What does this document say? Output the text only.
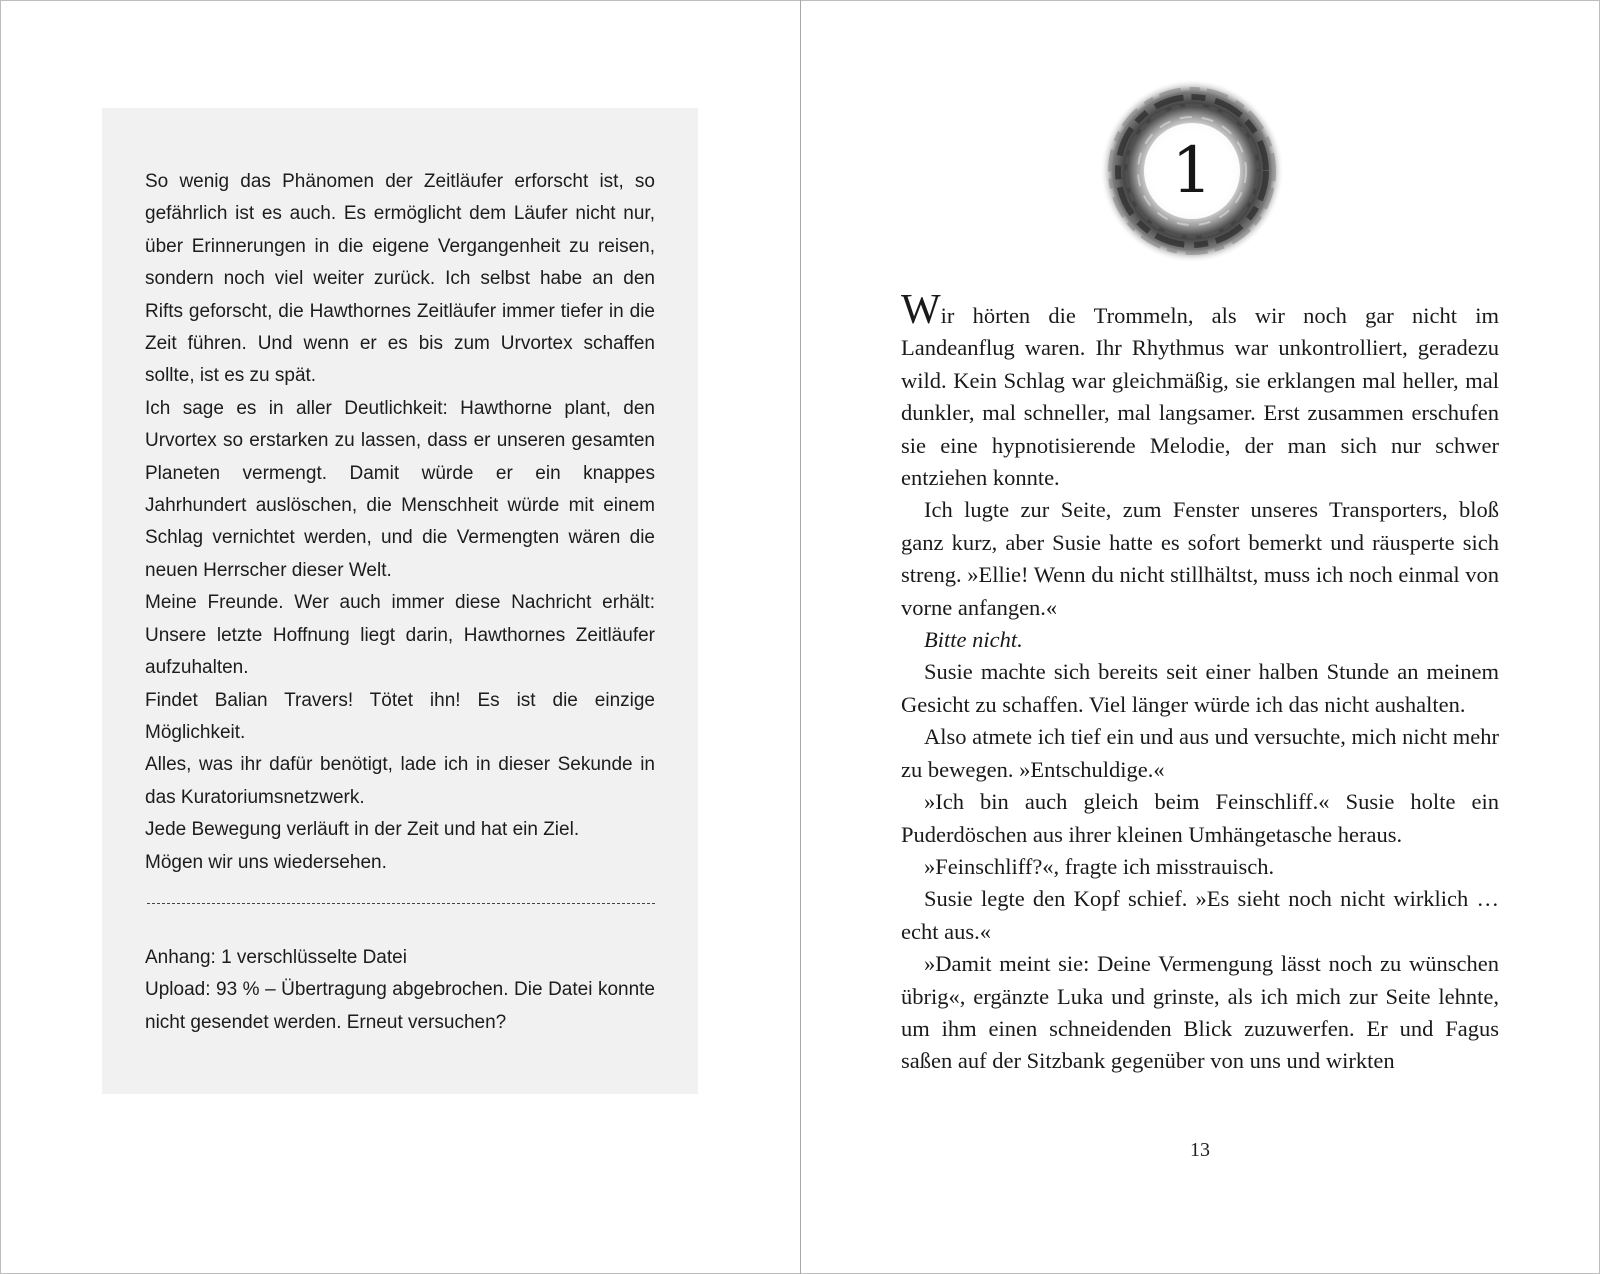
So wenig das Phänomen der Zeitläufer erforscht ist, so gefährlich ist es auch. Es ermöglicht dem Läufer nicht nur, über Erinnerungen in die eigene Vergangenheit zu reisen, sondern noch viel weiter zurück. Ich selbst habe an den Rifts geforscht, die Hawthornes Zeitläufer immer tiefer in die Zeit führen. Und wenn er es bis zum Urvortex schaffen sollte, ist es zu spät.

Ich sage es in aller Deutlichkeit: Hawthorne plant, den Urvortex so erstarken zu lassen, dass er unseren gesamten Planeten vermengt. Damit würde er ein knappes Jahrhundert auslöschen, die Menschheit würde mit einem Schlag vernichtet werden, und die Vermengten wären die neuen Herrscher dieser Welt.

Meine Freunde. Wer auch immer diese Nachricht erhält: Unsere letzte Hoffnung liegt darin, Hawthornes Zeitläufer aufzuhalten.

Findet Balian Travers! Tötet ihn! Es ist die einzige Möglichkeit.

Alles, was ihr dafür benötigt, lade ich in dieser Sekunde in das Kuratoriumsnetzwerk.

Jede Bewegung verläuft in der Zeit und hat ein Ziel.

Mögen wir uns wiedersehen.

Anhang: 1 verschlüsselte Datei

Upload: 93 % – Übertragung abgebrochen. Die Datei konnte nicht gesendet werden. Erneut versuchen?

1

Wir hörten die Trommeln, als wir noch gar nicht im Landeanflug waren. Ihr Rhythmus war unkontrolliert, geradezu wild. Kein Schlag war gleichmäßig, sie erklangen mal heller, mal dunkler, mal schneller, mal langsamer. Erst zusammen erschufen sie eine hypnotisierende Melodie, der man sich nur schwer entziehen konnte.

Ich lugte zur Seite, zum Fenster unseres Transporters, bloß ganz kurz, aber Susie hatte es sofort bemerkt und räusperte sich streng. »Ellie! Wenn du nicht stillhältst, muss ich noch einmal von vorne anfangen.«

Bitte nicht.

Susie machte sich bereits seit einer halben Stunde an meinem Gesicht zu schaffen. Viel länger würde ich das nicht aushalten.

Also atmete ich tief ein und aus und versuchte, mich nicht mehr zu bewegen. »Entschuldige.«

»Ich bin auch gleich beim Feinschliff.« Susie holte ein Puderdöschen aus ihrer kleinen Umhängetasche heraus.

»Feinschliff?«, fragte ich misstrauisch.

Susie legte den Kopf schief. »Es sieht noch nicht wirklich … echt aus.«

»Damit meint sie: Deine Vermengung lässt noch zu wünschen übrig«, ergänzte Luka und grinste, als ich mich zur Seite lehnte, um ihm einen schneidenden Blick zuzuwerfen. Er und Fagus saßen auf der Sitzbank gegenüber von uns und wirkten

13
